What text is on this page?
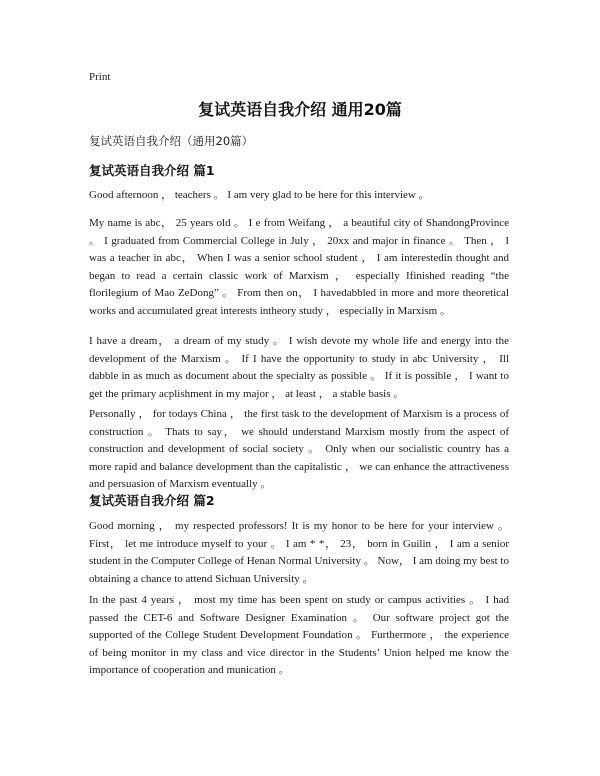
Print
复试英语自我介绍 通用20篇
复试英语自我介绍（通用20篇）
复试英语自我介绍 篇1

Good afternoon ， teachers 。 I am very glad to be here for this interview 。

My name is abc， 25 years old 。 I e from Weifang ， a beautiful city of ShandongProvince 。 I graduated from Commercial College in July ， 20xx and major in finance 。 Then ， I was a teacher in abc， When I was a senior school student ， I am interestedin thought and began to read a certain classic work of Marxism ， especially Ifinished reading “the florilegium of Mao ZeDong” 。 From then on， I havedabbled in more and more theoretical works and accumulated great interests intheory study ， especially in Marxism 。

I have a dream， a dream of my study 。 I wish devote my whole life and energy into the development of the Marxism 。 If I have the opportunity to study in abc University ， Ill dabble in as much as document about the specialty as possible 。 If it is possible ， I want to get the primary acplishment in my major ， at least ， a stable basis 。

Personally ， for todays China ， the first task to the development of Marxism is a process of construction 。 Thats to say， we should understand Marxism mostly from the aspect of construction and development of social society 。 Only when our socialistic country has a more rapid and balance development than the capitalistic ， we can enhance the attractiveness and persuasion of Marxism eventually 。

复试英语自我介绍 篇2

Good morning ， my respected professors! It is my honor to be here for your interview 。 First， let me introduce myself to your 。 I am * *， 23， born in Guilin ， I am a senior student in the Computer College of Henan Normal University 。 Now， I am doing my best to obtaining a chance to attend Sichuan University 。

In the past 4 years ， most my time has been spent on study or campus activities 。 I had passed the CET-6 and Software Designer Examination 。 Our software project got the supported of the College Student Development Foundation 。 Furthermore ， the experience of being monitor in my class and vice director in the Students’ Union helped me know the importance of cooperation and munication 。
